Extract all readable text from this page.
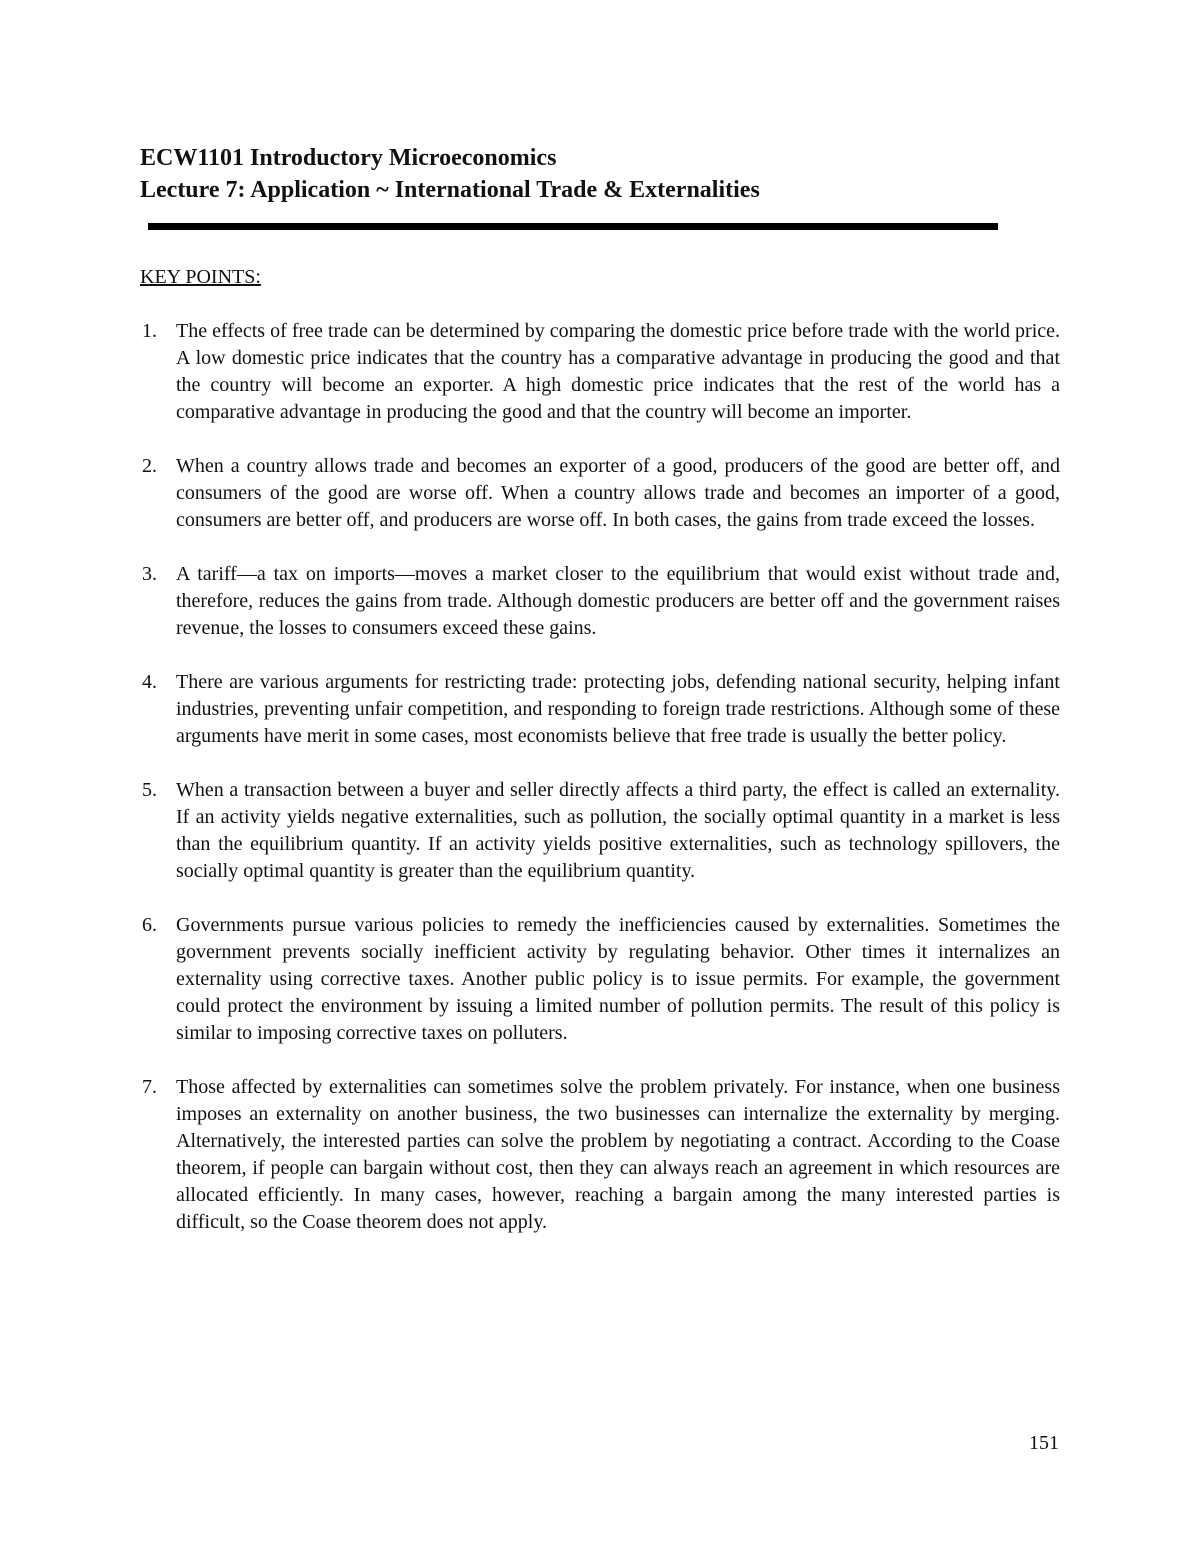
ECW1101 Introductory Microeconomics
Lecture 7: Application ~ International Trade & Externalities
KEY POINTS:
1. The effects of free trade can be determined by comparing the domestic price before trade with the world price. A low domestic price indicates that the country has a comparative advantage in producing the good and that the country will become an exporter. A high domestic price indicates that the rest of the world has a comparative advantage in producing the good and that the country will become an importer.
2. When a country allows trade and becomes an exporter of a good, producers of the good are better off, and consumers of the good are worse off. When a country allows trade and becomes an importer of a good, consumers are better off, and producers are worse off. In both cases, the gains from trade exceed the losses.
3. A tariff—a tax on imports—moves a market closer to the equilibrium that would exist without trade and, therefore, reduces the gains from trade. Although domestic producers are better off and the government raises revenue, the losses to consumers exceed these gains.
4. There are various arguments for restricting trade: protecting jobs, defending national security, helping infant industries, preventing unfair competition, and responding to foreign trade restrictions. Although some of these arguments have merit in some cases, most economists believe that free trade is usually the better policy.
5. When a transaction between a buyer and seller directly affects a third party, the effect is called an externality. If an activity yields negative externalities, such as pollution, the socially optimal quantity in a market is less than the equilibrium quantity. If an activity yields positive externalities, such as technology spillovers, the socially optimal quantity is greater than the equilibrium quantity.
6. Governments pursue various policies to remedy the inefficiencies caused by externalities. Sometimes the government prevents socially inefficient activity by regulating behavior. Other times it internalizes an externality using corrective taxes. Another public policy is to issue permits. For example, the government could protect the environment by issuing a limited number of pollution permits. The result of this policy is similar to imposing corrective taxes on polluters.
7. Those affected by externalities can sometimes solve the problem privately. For instance, when one business imposes an externality on another business, the two businesses can internalize the externality by merging. Alternatively, the interested parties can solve the problem by negotiating a contract. According to the Coase theorem, if people can bargain without cost, then they can always reach an agreement in which resources are allocated efficiently. In many cases, however, reaching a bargain among the many interested parties is difficult, so the Coase theorem does not apply.
151
